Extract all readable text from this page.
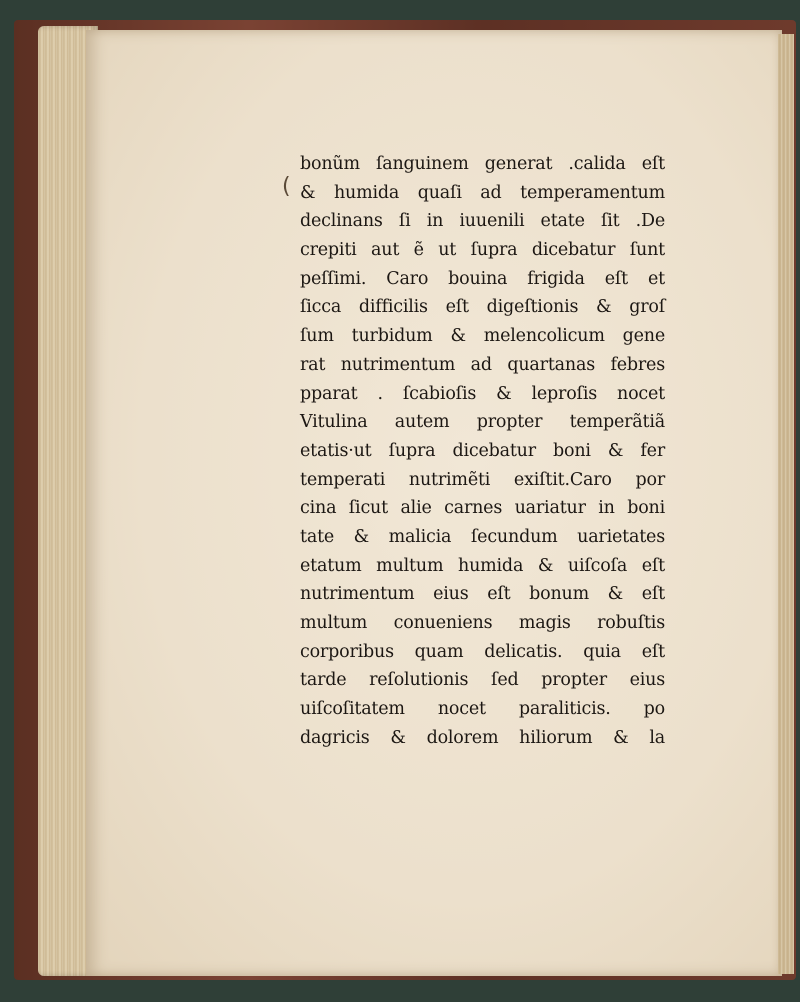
(
bonũm ſanguinem generat .calida eſt
& humida quaſi ad temperamentum
declinans ſi in iuuenili etate ſit .De
crepiti aut ẽ ut ſupra dicebatur ſunt
peſſimi. Caro bouina frigida eſt et
ſicca difficilis eſt digeſtionis & groſ
ſum turbidum & melencolicum gene
rat nutrimentum ad quartanas febres
pparat . ſcabioſis & leproſis nocet
Vitulina autem propter temperãtiã
etatis·ut ſupra dicebatur boni & fer
temperati nutrimẽti exiſtit.Caro por
cina ſicut alie carnes uariatur in boni
tate & malicia ſecundum uarietates
etatum multum humida & uiſcoſa eſt
nutrimentum eius eſt bonum & eſt
multum conueniens magis robuſtis
corporibus quam delicatis. quia eſt
tarde reſolutionis ſed propter eius
uiſcoſitatem nocet paraliticis. po
dagricis & dolorem hiliorum & la
